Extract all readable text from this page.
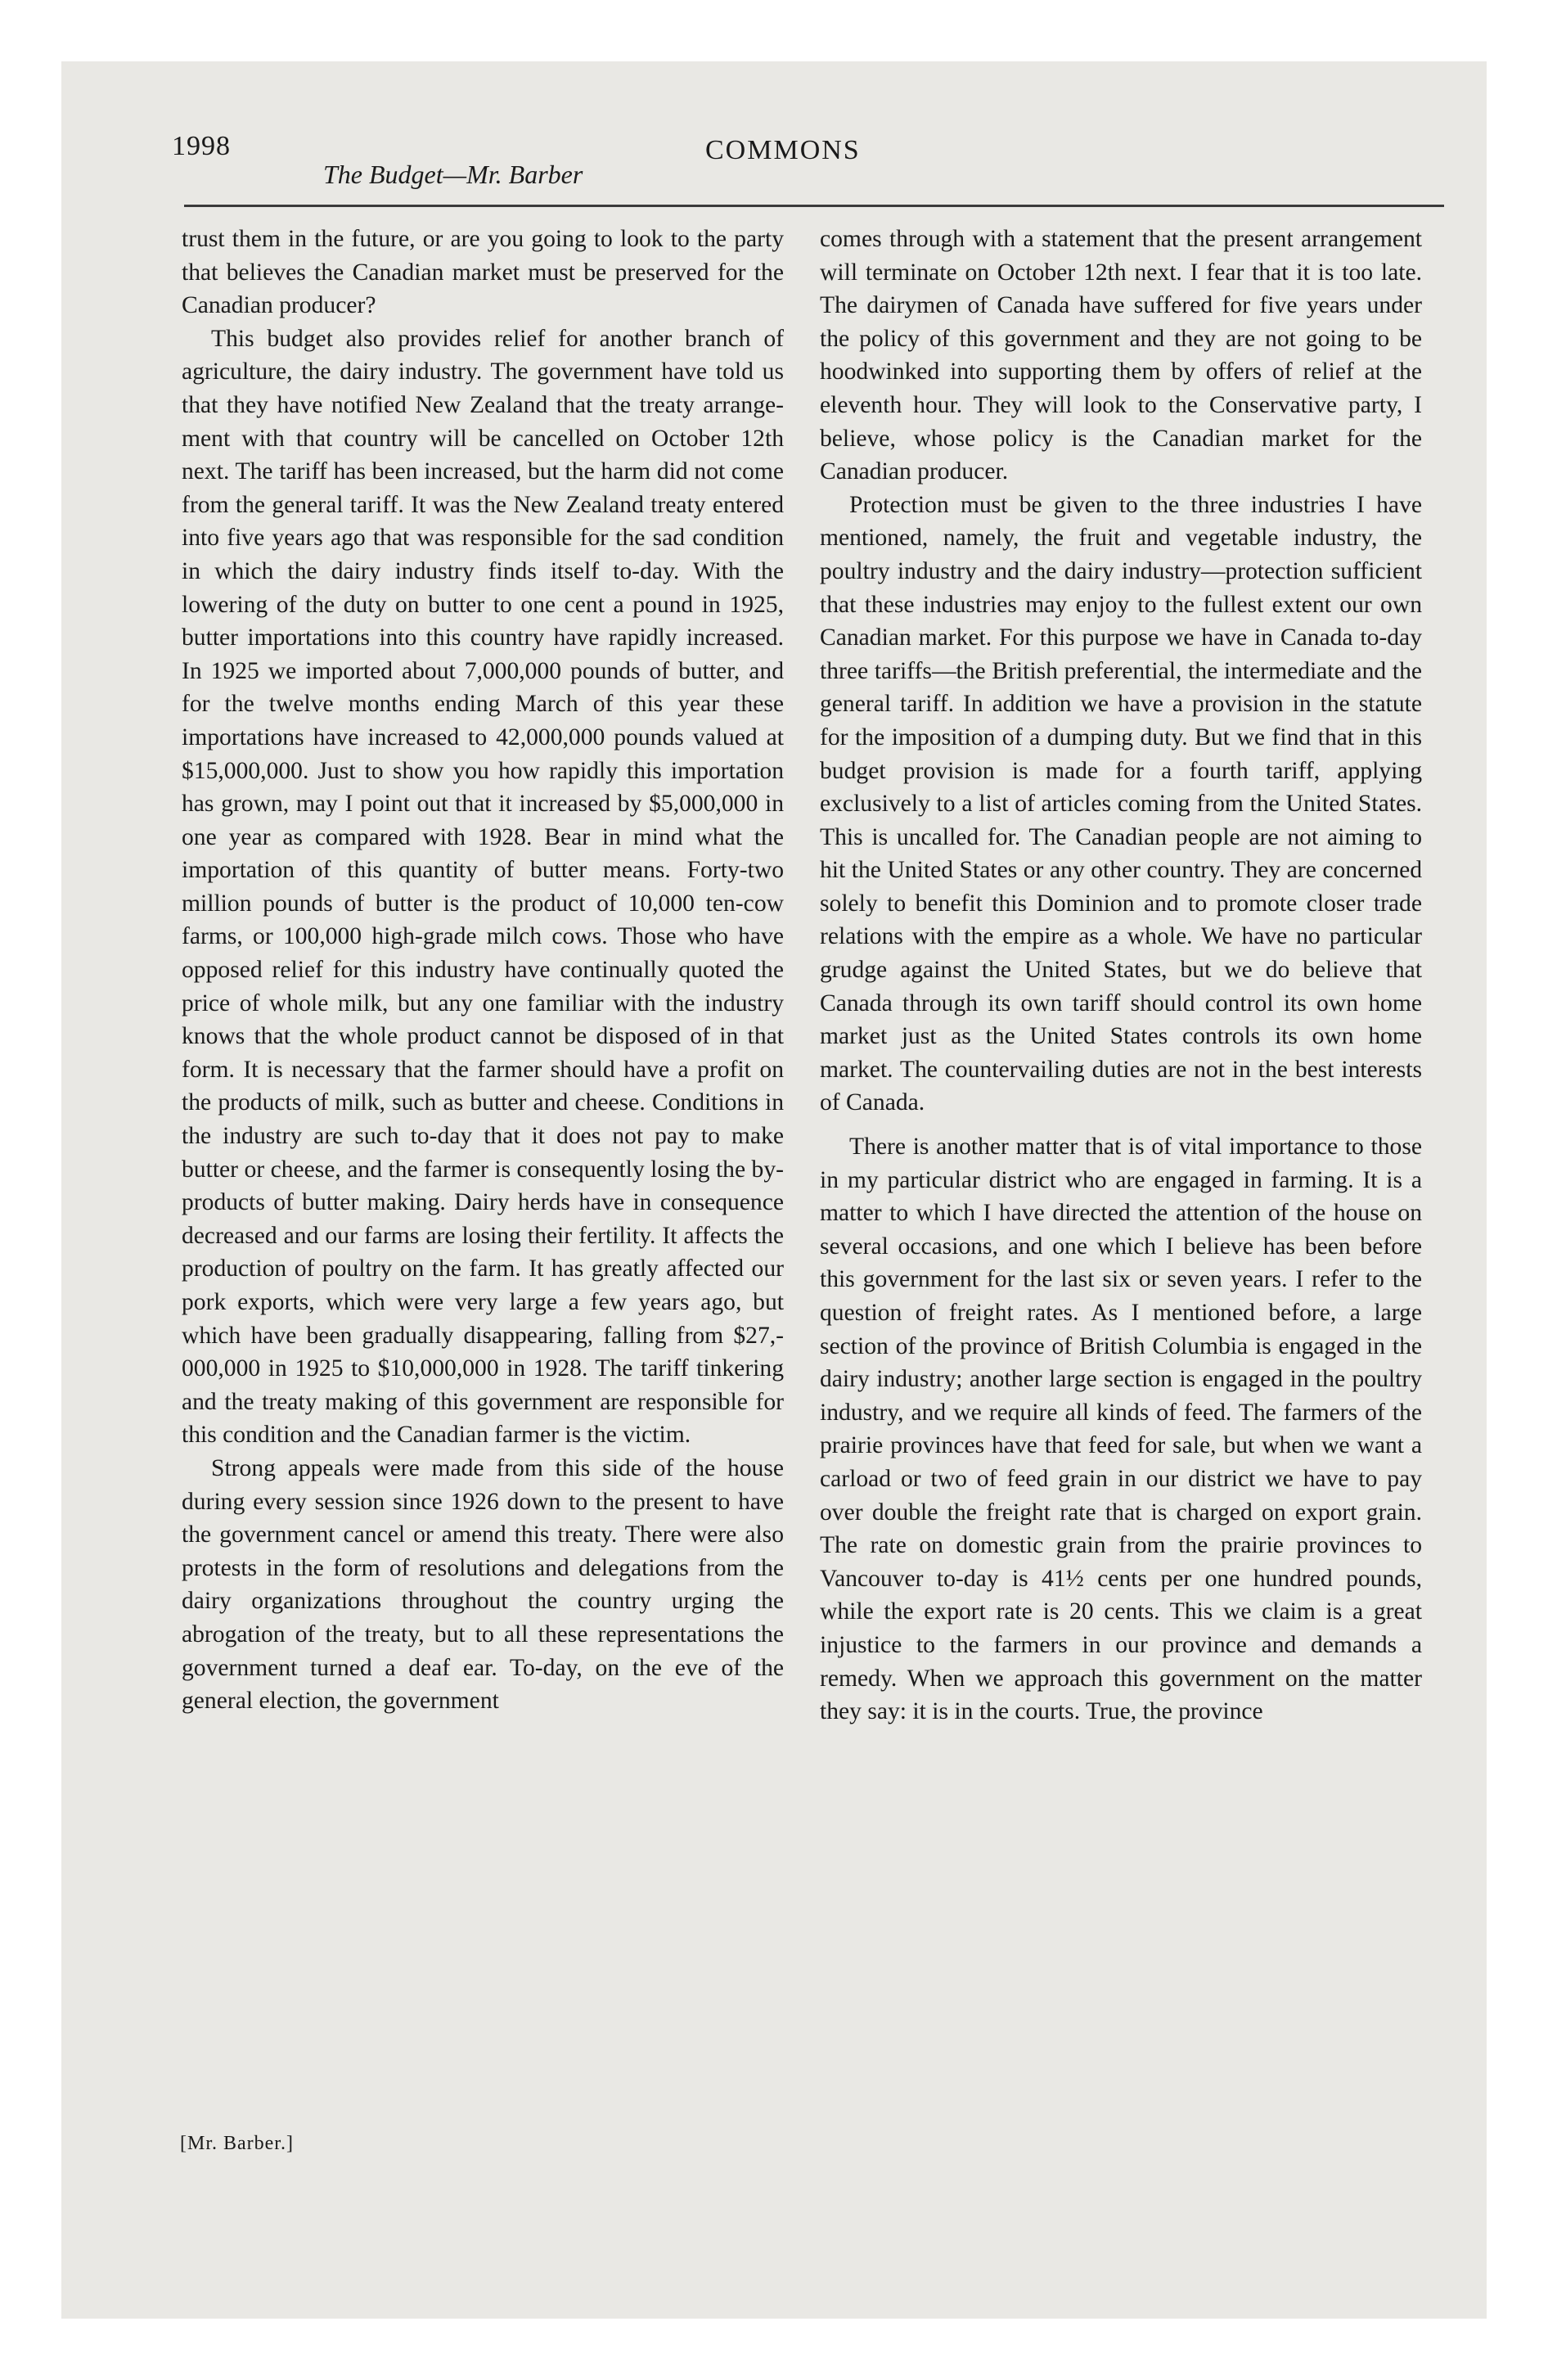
1998
The Budget—Mr. Barber
COMMONS

trust them in the future, or are you going to look to the party that believes the Canadian market must be preserved for the Canadian producer?

This budget also provides relief for another branch of agriculture, the dairy industry. The government have told us that they have notified New Zealand that the treaty arrangement with that country will be cancelled on October 12th next. The tariff has been increased, but the harm did not come from the general tariff. It was the New Zealand treaty entered into five years ago that was responsible for the sad condition in which the dairy industry finds itself to-day. With the lowering of the duty on butter to one cent a pound in 1925, butter importations into this country have rapidly increased. In 1925 we imported about 7,000,000 pounds of butter, and for the twelve months ending March of this year these importations have increased to 42,000,000 pounds valued at $15,000,000. Just to show you how rapidly this importation has grown, may I point out that it increased by $5,000,000 in one year as compared with 1928. Bear in mind what the importation of this quantity of butter means. Forty-two million pounds of butter is the product of 10,000 ten-cow farms, or 100,000 high-grade milch cows. Those who have opposed relief for this industry have continually quoted the price of whole milk, but any one familiar with the industry knows that the whole product cannot be disposed of in that form. It is necessary that the farmer should have a profit on the products of milk, such as butter and cheese. Conditions in the industry are such to-day that it does not pay to make butter or cheese, and the farmer is consequently losing the by-products of butter making. Dairy herds have in consequence decreased and our farms are losing their fertility. It affects the production of poultry on the farm. It has greatly affected our pork exports, which were very large a few years ago, but which have been gradually disappearing, falling from $27,000,000 in 1925 to $10,000,000 in 1928. The tariff tinkering and the treaty making of this government are responsible for this condition and the Canadian farmer is the victim.

Strong appeals were made from this side of the house during every session since 1926 down to the present to have the government cancel or amend this treaty. There were also protests in the form of resolutions and delegations from the dairy organizations throughout the country urging the abrogation of the treaty, but to all these representations the government turned a deaf ear. To-day, on the eve of the general election, the government

comes through with a statement that the present arrangement will terminate on October 12th next. I fear that it is too late. The dairymen of Canada have suffered for five years under the policy of this government and they are not going to be hoodwinked into supporting them by offers of relief at the eleventh hour. They will look to the Conservative party, I believe, whose policy is the Canadian market for the Canadian producer.

Protection must be given to the three industries I have mentioned, namely, the fruit and vegetable industry, the poultry industry and the dairy industry—protection sufficient that these industries may enjoy to the fullest extent our own Canadian market. For this purpose we have in Canada to-day three tariffs—the British preferential, the intermediate and the general tariff. In addition we have a provision in the statute for the imposition of a dumping duty. But we find that in this budget provision is made for a fourth tariff, applying exclusively to a list of articles coming from the United States. This is uncalled for. The Canadian people are not aiming to hit the United States or any other country. They are concerned solely to benefit this Dominion and to promote closer trade relations with the empire as a whole. We have no particular grudge against the United States, but we do believe that Canada through its own tariff should control its own home market just as the United States controls its own home market. The countervailing duties are not in the best interests of Canada.

There is another matter that is of vital importance to those in my particular district who are engaged in farming. It is a matter to which I have directed the attention of the house on several occasions, and one which I believe has been before this government for the last six or seven years. I refer to the question of freight rates. As I mentioned before, a large section of the province of British Columbia is engaged in the dairy industry; another large section is engaged in the poultry industry, and we require all kinds of feed. The farmers of the prairie provinces have that feed for sale, but when we want a carload or two of feed grain in our district we have to pay over double the freight rate that is charged on export grain. The rate on domestic grain from the prairie provinces to Vancouver to-day is 41½ cents per one hundred pounds, while the export rate is 20 cents. This we claim is a great injustice to the farmers in our province and demands a remedy. When we approach this government on the matter they say: it is in the courts. True, the province

[Mr. Barber.]
